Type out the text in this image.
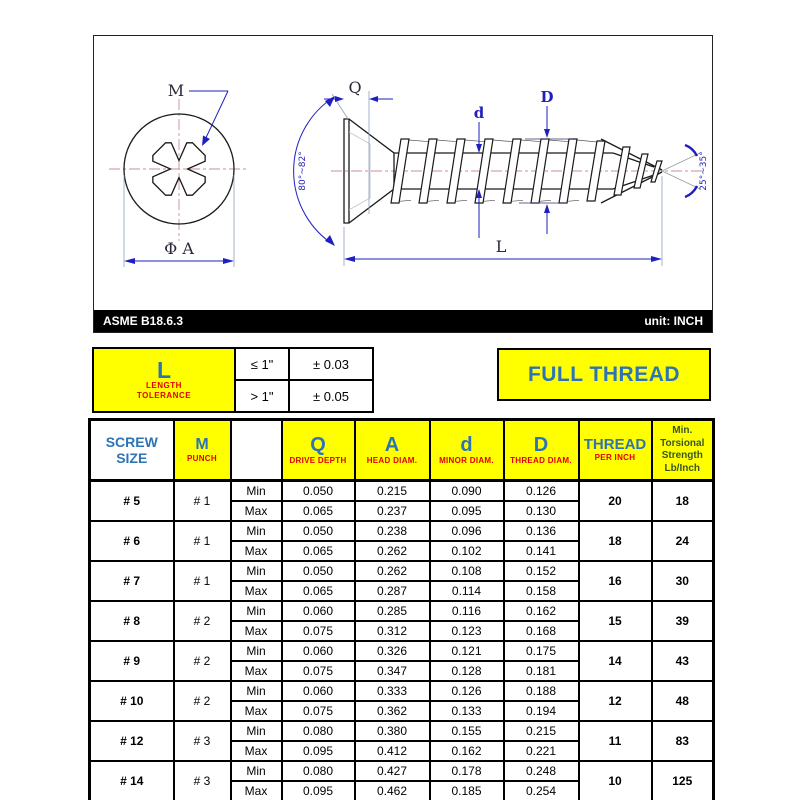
M
Φ A
Q
80°~82°
d
D
L
25°~35°
ASME B18.6.3	unit: INCH
L
LENGTH
TOLERANCE	≤ 1"	± 0.03
	> 1"	± 0.05
FULL THREAD
SCREW
SIZE

M
PUNCH

Q
DRIVE DEPTH

A
HEAD DIAM.

d
MINOR DIAM.

D
THREAD DIAM.

THREAD
PER INCH

Min.
Torsional
Strength
Lb/Inch

# 5	# 1	Min	0.050	0.215	0.090	0.126	20	18
		Max	0.065	0.237	0.095	0.130		
# 6	# 1	Min	0.050	0.238	0.096	0.136	18	24
		Max	0.065	0.262	0.102	0.141		
# 7	# 1	Min	0.050	0.262	0.108	0.152	16	30
		Max	0.065	0.287	0.114	0.158		
# 8	# 2	Min	0.060	0.285	0.116	0.162	15	39
		Max	0.075	0.312	0.123	0.168		
# 9	# 2	Min	0.060	0.326	0.121	0.175	14	43
		Max	0.075	0.347	0.128	0.181		
# 10	# 2	Min	0.060	0.333	0.126	0.188	12	48
		Max	0.075	0.362	0.133	0.194		
# 12	# 3	Min	0.080	0.380	0.155	0.215	11	83
		Max	0.095	0.412	0.162	0.221		
# 14	# 3	Min	0.080	0.427	0.178	0.248	10	125
		Max	0.095	0.462	0.185	0.254		
